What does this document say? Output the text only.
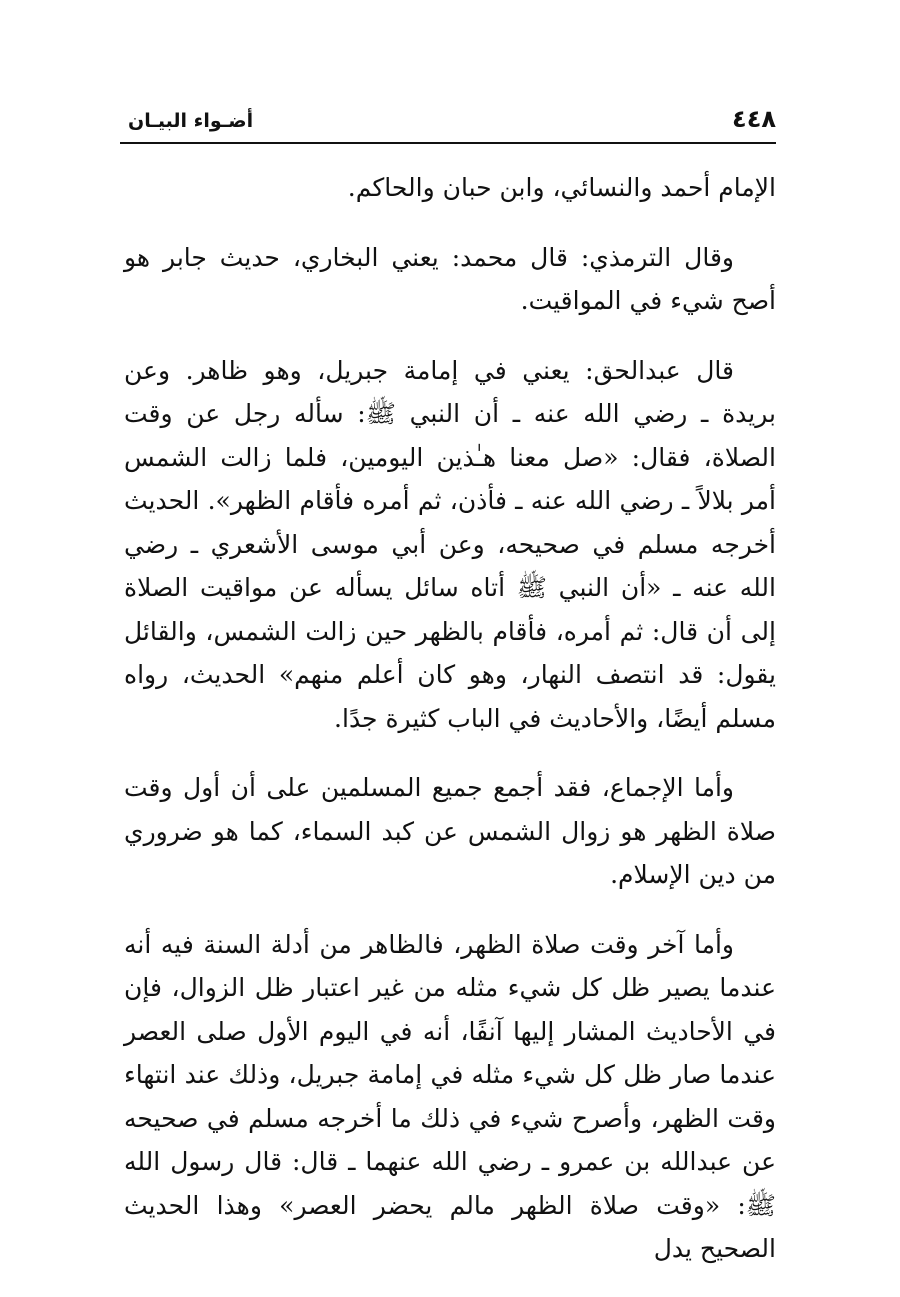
٤٤٨
أضـواء البيـان

الإمام أحمد والنسائي، وابن حبان والحاكم.

وقال الترمذي: قال محمد: يعني البخاري، حديث جابر هو أصح شيء في المواقيت.

قال عبدالحق: يعني في إمامة جبريل، وهو ظاهر. وعن بريدة ـ رضي الله عنه ـ أن النبي ﷺ: سأله رجل عن وقت الصلاة، فقال: «صل معنا هـٰذين اليومين، فلما زالت الشمس أمر بلالاً ـ رضي الله عنه ـ فأذن، ثم أمره فأقام الظهر». الحديث أخرجه مسلم في صحيحه، وعن أبي موسى الأشعري ـ رضي الله عنه ـ «أن النبي ﷺ أتاه سائل يسأله عن مواقيت الصلاة إلى أن قال: ثم أمره، فأقام بالظهر حين زالت الشمس، والقائل يقول: قد انتصف النهار، وهو كان أعلم منهم» الحديث، رواه مسلم أيضًا، والأحاديث في الباب كثيرة جدًا.

وأما الإجماع، فقد أجمع جميع المسلمين على أن أول وقت صلاة الظهر هو زوال الشمس عن كبد السماء، كما هو ضروري من دين الإسلام.

وأما آخر وقت صلاة الظهر، فالظاهر من أدلة السنة فيه أنه عندما يصير ظل كل شيء مثله من غير اعتبار ظل الزوال، فإن في الأحاديث المشار إليها آنفًا، أنه في اليوم الأول صلى العصر عندما صار ظل كل شيء مثله في إمامة جبريل، وذلك عند انتهاء وقت الظهر، وأصرح شيء في ذلك ما أخرجه مسلم في صحيحه عن عبدالله بن عمرو ـ رضي الله عنهما ـ قال: قال رسول الله ﷺ: «وقت صلاة الظهر مالم يحضر العصر» وهذا الحديث الصحيح يدل
